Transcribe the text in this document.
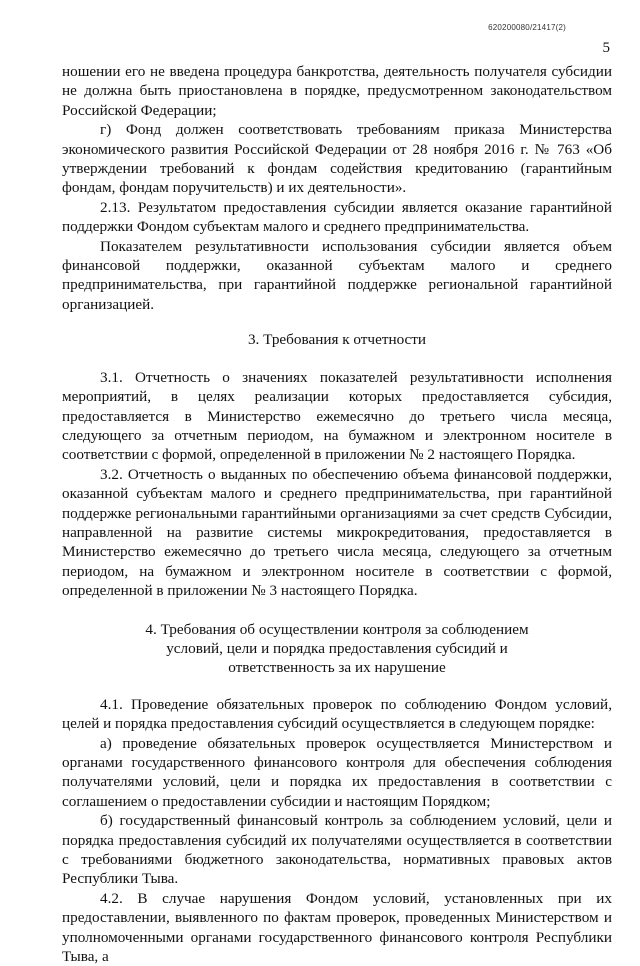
620200080/21417(2)
5

ношении его не введена процедура банкротства, деятельность получателя субсидии не должна быть приостановлена в порядке, предусмотренном законодательством Российской Федерации;

г) Фонд должен соответствовать требованиям приказа Министерства экономического развития Российской Федерации от 28 ноября 2016 г. № 763 «Об утверждении требований к фондам содействия кредитованию (гарантийным фондам, фондам поручительств) и их деятельности».

2.13. Результатом предоставления субсидии является оказание гарантийной поддержки Фондом субъектам малого и среднего предпринимательства.

Показателем результативности использования субсидии является объем финансовой поддержки, оказанной субъектам малого и среднего предпринимательства, при гарантийной поддержке региональной гарантийной организацией.

3. Требования к отчетности

3.1. Отчетность о значениях показателей результативности исполнения мероприятий, в целях реализации которых предоставляется субсидия, предоставляется в Министерство ежемесячно до третьего числа месяца, следующего за отчетным периодом, на бумажном и электронном носителе в соответствии с формой, определенной в приложении № 2 настоящего Порядка.

3.2. Отчетность о выданных по обеспечению объема финансовой поддержки, оказанной субъектам малого и среднего предпринимательства, при гарантийной поддержке региональными гарантийными организациями за счет средств Субсидии, направленной на развитие системы микрокредитования, предоставляется в Министерство ежемесячно до третьего числа месяца, следующего за отчетным периодом, на бумажном и электронном носителе в соответствии с формой, определенной в приложении № 3 настоящего Порядка.

4. Требования об осуществлении контроля за соблюдением
условий, цели и порядка предоставления субсидий и
ответственность за их нарушение

4.1. Проведение обязательных проверок по соблюдению Фондом условий, целей и порядка предоставления субсидий осуществляется в следующем порядке:

а) проведение обязательных проверок осуществляется Министерством и органами государственного финансового контроля для обеспечения соблюдения получателями условий, цели и порядка их предоставления в соответствии с соглашением о предоставлении субсидии и настоящим Порядком;

б) государственный финансовый контроль за соблюдением условий, цели и порядка предоставления субсидий их получателями осуществляется в соответствии с требованиями бюджетного законодательства, нормативных правовых актов Республики Тыва.

4.2. В случае нарушения Фондом условий, установленных при их предоставлении, выявленного по фактам проверок, проведенных Министерством и уполномоченными органами государственного финансового контроля Республики Тыва, а
